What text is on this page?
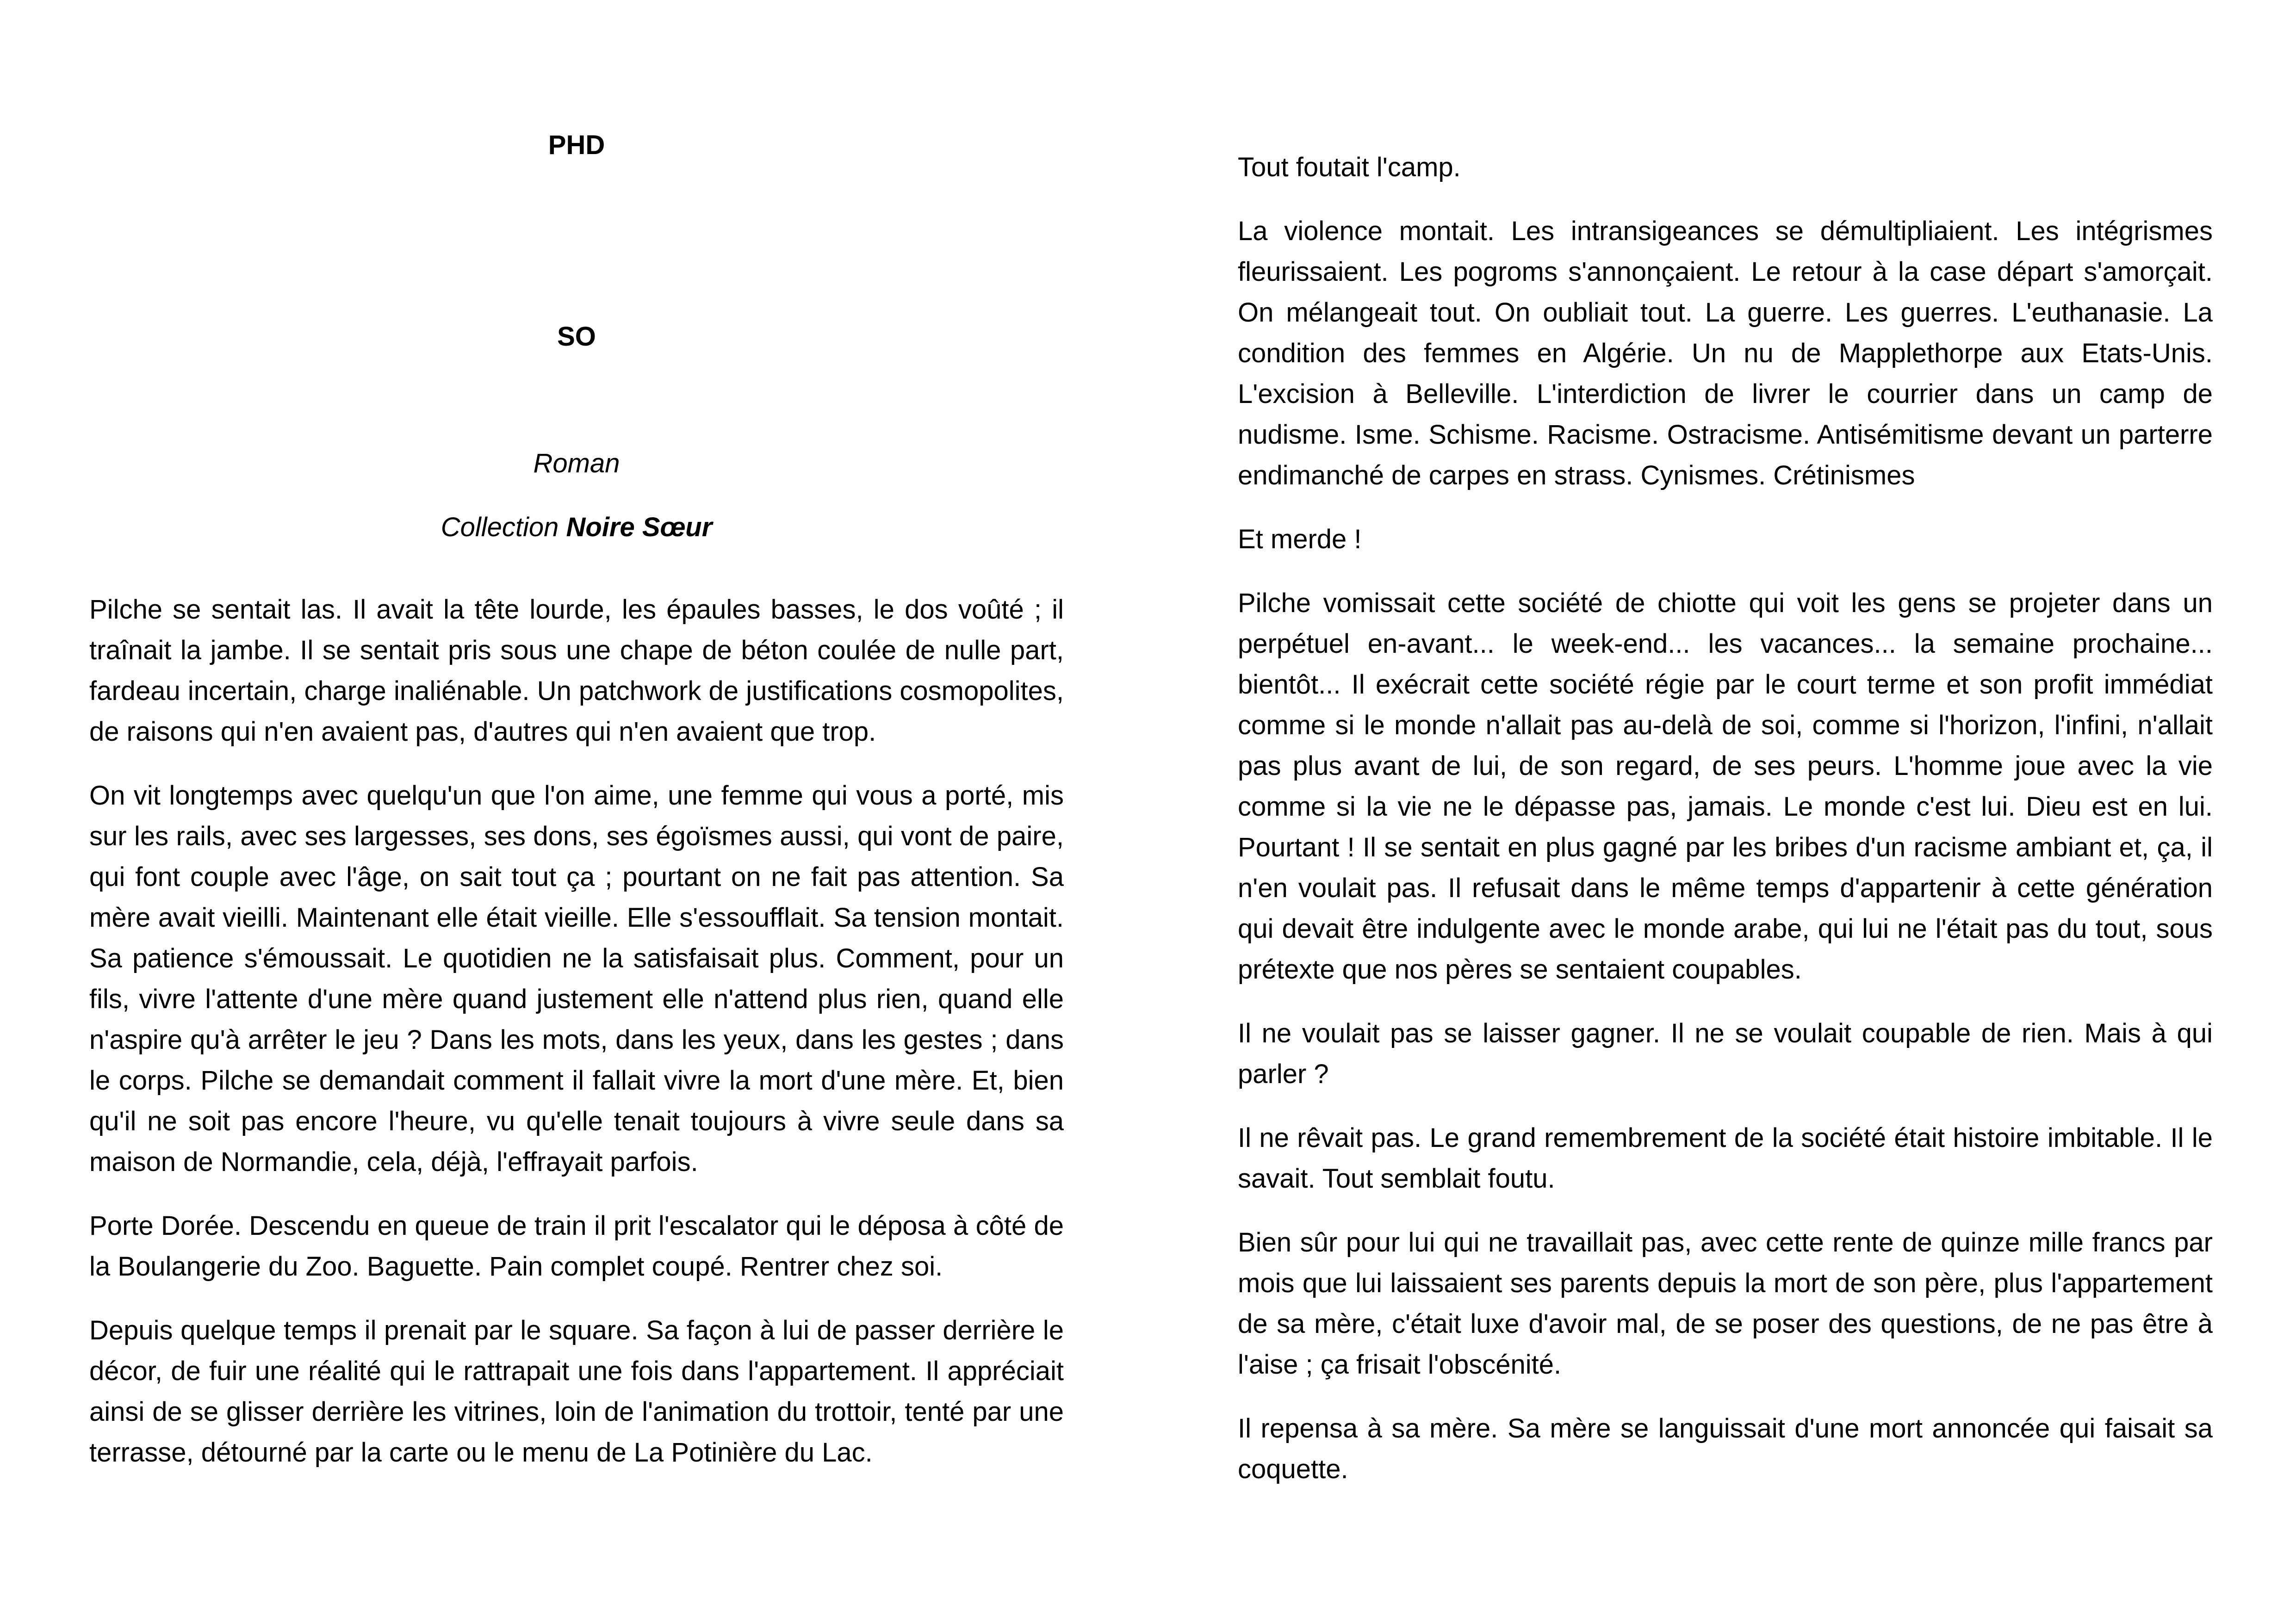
PHD
SO
Roman
Collection Noire Sœur

Pilche se sentait las. Il avait la tête lourde, les épaules basses, le dos voûté ; il traînait la jambe. Il se sentait pris sous une chape de béton coulée de nulle part, fardeau incertain, charge inaliénable. Un patchwork de justifications cosmopolites, de raisons qui n'en avaient pas, d'autres qui n'en avaient que trop.

On vit longtemps avec quelqu'un que l'on aime, une femme qui vous a porté, mis sur les rails, avec ses largesses, ses dons, ses égoïsmes aussi, qui vont de paire, qui font couple avec l'âge, on sait tout ça ; pourtant on ne fait pas attention. Sa mère avait vieilli. Maintenant elle était vieille. Elle s'essoufflait. Sa tension montait. Sa patience s'émoussait. Le quotidien ne la satisfaisait plus. Comment, pour un fils, vivre l'attente d'une mère quand justement elle n'attend plus rien, quand elle n'aspire qu'à arrêter le jeu ? Dans les mots, dans les yeux, dans les gestes ; dans le corps. Pilche se demandait comment il fallait vivre la mort d'une mère. Et, bien qu'il ne soit pas encore l'heure, vu qu'elle tenait toujours à vivre seule dans sa maison de Normandie, cela, déjà, l'effrayait parfois.

Porte Dorée. Descendu en queue de train il prit l'escalator qui le déposa à côté de la Boulangerie du Zoo. Baguette. Pain complet coupé. Rentrer chez soi.

Depuis quelque temps il prenait par le square. Sa façon à lui de passer derrière le décor, de fuir une réalité qui le rattrapait une fois dans l'appartement. Il appréciait ainsi de se glisser derrière les vitrines, loin de l'animation du trottoir, tenté par une terrasse, détourné par la carte ou le menu de La Potinière du Lac.

Tout foutait l'camp.

La violence montait. Les intransigeances se démultipliaient. Les intégrismes fleurissaient. Les pogroms s'annonçaient. Le retour à la case départ s'amorçait. On mélangeait tout. On oubliait tout. La guerre. Les guerres. L'euthanasie. La condition des femmes en Algérie. Un nu de Mapplethorpe aux Etats-Unis. L'excision à Belleville. L'interdiction de livrer le courrier dans un camp de nudisme. Isme. Schisme. Racisme. Ostracisme. Antisémitisme devant un parterre endimanché de carpes en strass. Cynismes. Crétinismes

Et merde !

Pilche vomissait cette société de chiotte qui voit les gens se projeter dans un perpétuel en-avant... le week-end... les vacances... la semaine prochaine... bientôt... Il exécrait cette société régie par le court terme et son profit immédiat comme si le monde n'allait pas au-delà de soi, comme si l'horizon, l'infini, n'allait pas plus avant de lui, de son regard, de ses peurs. L'homme joue avec la vie comme si la vie ne le dépasse pas, jamais. Le monde c'est lui. Dieu est en lui. Pourtant ! Il se sentait en plus gagné par les bribes d'un racisme ambiant et, ça, il n'en voulait pas. Il refusait dans le même temps d'appartenir à cette génération qui devait être indulgente avec le monde arabe, qui lui ne l'était pas du tout, sous prétexte que nos pères se sentaient coupables.

Il ne voulait pas se laisser gagner. Il ne se voulait coupable de rien. Mais à qui parler ?

Il ne rêvait pas. Le grand remembrement de la société était histoire imbitable. Il le savait. Tout semblait foutu.

Bien sûr pour lui qui ne travaillait pas, avec cette rente de quinze mille francs par mois que lui laissaient ses parents depuis la mort de son père, plus l'appartement de sa mère, c'était luxe d'avoir mal, de se poser des questions, de ne pas être à l'aise ; ça frisait l'obscénité.

Il repensa à sa mère. Sa mère se languissait d'une mort annoncée qui faisait sa coquette.
